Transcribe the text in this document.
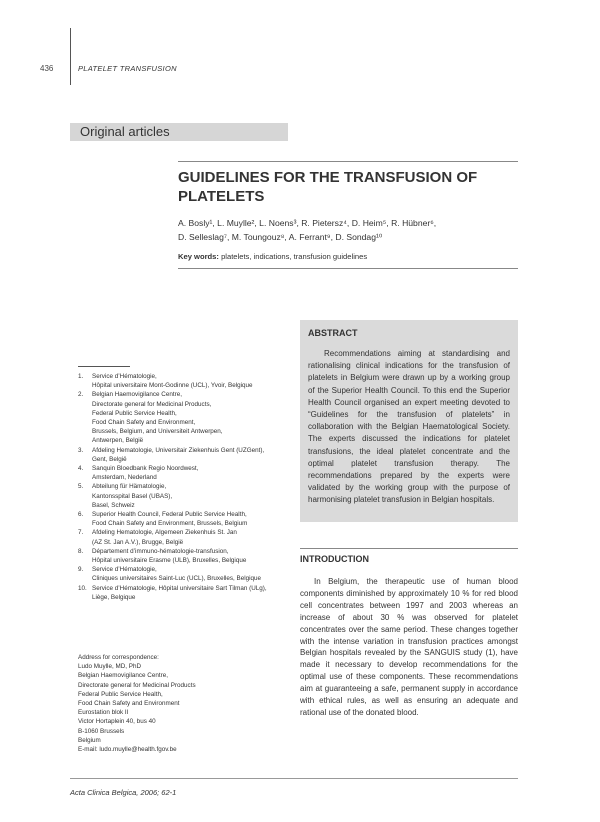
436	PLATELET TRANSFUSION
Original articles
GUIDELINES FOR THE TRANSFUSION OF PLATELETS
A. Bosly¹, L. Muylle², L. Noens³, R. Pietersz⁴, D. Heim⁵, R. Hübner⁶,
D. Selleslag⁷, M. Toungouz⁸, A. Ferrant⁹, D. Sondag¹⁰
Key words: platelets, indications, transfusion guidelines
ABSTRACT
Recommendations aiming at standardising and rationalising clinical indications for the transfusion of platelets in Belgium were drawn up by a working group of the Superior Health Council. To this end the Superior Health Council organised an expert meeting devoted to “Guidelines for the transfusion of platelets” in collaboration with the Belgian Haematological Society. The experts discussed the indications for platelet transfusions, the ideal platelet concentrate and the optimal platelet transfusion therapy. The recommendations prepared by the experts were validated by the working group with the purpose of harmonising platelet transfusion in Belgian hospitals.
1. Service d’Hématologie,
Hôpital universitaire Mont-Godinne (UCL), Yvoir, Belgique
2. Belgian Haemovigilance Centre,
Directorate general for Medicinal Products,
Federal Public Service Health,
Food Chain Safety and Environment,
Brussels, Belgium, and Universiteit Antwerpen,
Antwerpen, België
3. Afdeling Hematologie, Universitair Ziekenhuis Gent (UZGent),
Gent, België
4. Sanquin Bloedbank Regio Noordwest,
Amsterdam, Nederland
5. Abteilung für Hämatologie,
Kantonsspital Basel (UBAS),
Basel, Schweiz
6. Superior Health Council, Federal Public Service Health,
Food Chain Safety and Environment, Brussels, Belgium
7. Afdeling Hematologie, Algemeen Ziekenhuis St. Jan
(AZ St. Jan A.V.), Brugge, België
8. Département d’immuno-hématologie-transfusion,
Hôpital universitaire Erasme (ULB), Bruxelles, Belgique
9. Service d’Hématologie,
Cliniques universitaires Saint-Luc (UCL), Bruxelles, Belgique
10. Service d’Hématologie, Hôpital universitaire Sart Tilman (ULg),
Liège, Belgique
Address for correspondence:
Ludo Muylle, MD, PhD
Belgian Haemovigilance Centre,
Directorate general for Medicinal Products
Federal Public Service Health,
Food Chain Safety and Environment
Eurostation blok II
Victor Hortaplein 40, bus 40
B-1060 Brussels
Belgium
E-mail: ludo.muylle@health.fgov.be
INTRODUCTION
In Belgium, the therapeutic use of human blood components diminished by approximately 10 % for red blood cell concentrates between 1997 and 2003 whereas an increase of about 30 % was observed for platelet concentrates over the same period. These changes together with the intense variation in transfusion practices amongst Belgian hospitals revealed by the SANGUIS study (1), have made it necessary to develop recommendations for the optimal use of these components. These recommendations aim at guaranteeing a safe, permanent supply in accordance with ethical rules, as well as ensuring an adequate and rational use of the donated blood.
Acta Clinica Belgica, 2006; 62-1
